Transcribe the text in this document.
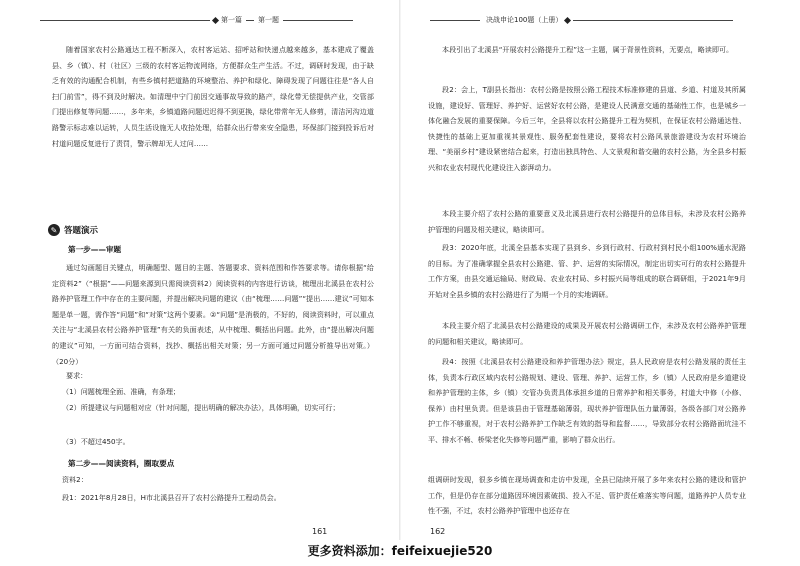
第一篇 第一题
随着国家农村公路通达工程不断深入，农村客运站、招呼站和快递点越来越多，基本建成了覆盖县、乡（镇）、村（社区）三级的农村客运物流网络，方便群众生产生活。不过，调研时发现，由于缺乏有效的沟通配合机制，有些乡镇村把道路的环境整治、养护和绿化、障碍发现了问题往往是“各人自扫门前雪”，得不到及时解决。如清理中宁门前因交通事故导致的路产，绿化带无偿提供产业，交管部门提出修复等问题……，多年来，乡镇道路问题迟迟得不到更换，绿化带常年无人修剪，清洁河沟边道路警示标志难以运转，人员生活设施无人收拾处理，给群众出行带来安全隐患，环保部门接到投诉后对村道问题反复进行了责罚，警示牌却无人过问……
✎ 答题演示
第一步——审题
通过勾画题目关键点，明确题型、题目的主题、答题要求、资料范围和作答要求等。请你根据“给定资料2”（“根据”——问题来源到只需阅读资料2）阅读资料的内容进行访谈，梳理出北溪县在农村公路养护管理工作中存在的主要问题，并提出解决问题的建议（由“梳理……问题”“提出……建议”可知本题是单一题，需作答“问题”和“对策”这两个要素。②“问题”是消极的，不好的，阅读资料时，可以重点关注与“北溪县农村公路养护管理”有关的负面表述，从中梳理、概括出问题。此外，由“提出解决问题的建议”可知，一方面可结合资料，找抄、概括出相关对策；另一方面可通过问题分析推导出对策。）（20分）
要求：
（1）问题梳理全面、准确，有条理；
（2）所提建议与问题相对应（针对问题，提出明确的解决办法），具体明确，切实可行；
（3）不超过450字。
第二步——阅读资料，圈取要点
资料2：
段1：2021年8月28日，H市北溪县召开了农村公路提升工程动员会。
161
决战申论100题（上册）
本段引出了北溪县“开展农村公路提升工程”这一主题，属于背景性资料，无要点，略读即可。
段2：会上，T副县长指出：农村公路是按照公路工程技术标准修建的县道、乡道、村道及其所属设施，建设好、管理好、养护好、运营好农村公路，是建设人民满意交通的基础性工作，也是城乡一体化融合发展的重要保障。今后三年，全县将以农村公路提升工程为契机，在保证农村公路通达性、快捷性的基础上更加重视其景观性、服务配套性建设，要将农村公路风景旅游建设为农村环境治理、“美丽乡村”建设紧密结合起来，打造出独具特色、人文景观和谐交融的农村公路，为全县乡村振兴和农业农村现代化建设注入澎湃动力。
本段主要介绍了农村公路的重要意义及北溪县进行农村公路提升的总体目标，未涉及农村公路养护管理的问题及相关建议，略读即可。
段3：2020年底，北溪全县基本实现了县到乡、乡到行政村、行政村到村民小组100%通水泥路的目标。为了准确掌握全县农村公路建、管、护、运营的实际情况，制定出切实可行的农村公路提升工作方案，由县交通运输局、财政局、农业农村局、乡村振兴局等组成的联合调研组，于2021年9月开始对全县乡镇的农村公路进行了为期一个月的实地调研。
本段主要介绍了北溪县农村公路建设的成果及开展农村公路调研工作，未涉及农村公路养护管理的问题和相关建议，略读即可。
段4：按照《北溪县农村公路建设和养护管理办法》规定，县人民政府是农村公路发展的责任主体，负责本行政区域内农村公路规划、建设、管理、养护、运营工作，乡（镇）人民政府是乡道建设和养护管理的主体，乡（镇）交管办负责具体承担乡道的日常养护和相关事务，村道大中修（小修、保养）由村里负责。但是该县由于管理基础薄弱，现状养护管理队伍力量薄弱，各级各部门对公路养护工作不够重视，对于农村公路养护工作缺乏有效的指导和监督……，导致部分农村公路路面坑洼不平、排水不畅、桥梁老化失修等问题严重，影响了群众出行。
组调研时发现，很多乡镇在现场调查和走访中发现，全县已陆续开展了多年来农村公路的建设和管护工作，但是仍存在部分道路因环境因素破损、投入不足、管护责任难落实等问题，道路养护人员专业性不强，不过，农村公路养护管理中也还存在
162
更多资料添加：feifeixuejie520
